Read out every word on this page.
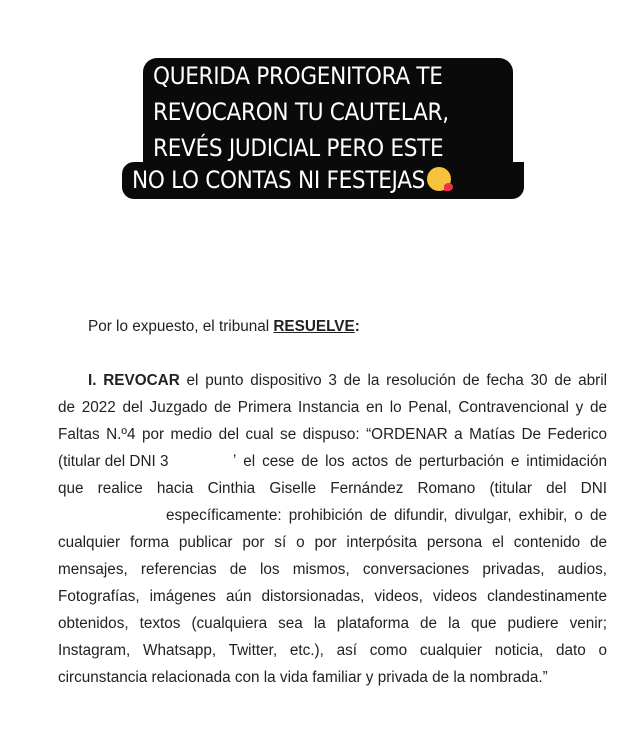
QUERIDA PROGENITORA TE
REVOCARON TU CAUTELAR,
REVÉS JUDICIAL PERO ESTE
NO LO CONTAS NI FESTEJAS
Por lo expuesto, el tribunal RESUELVE:
I. REVOCAR el punto dispositivo 3 de la resolución de fecha 30 de abril
de 2022 del Juzgado de Primera Instancia en lo Penal, Contravencional y de
Faltas N.º4 por medio del cual se dispuso: “ORDENAR a Matías De Federico
(titular del DNI 3	ʼ el cese de los actos de perturbación e intimidación
que realice hacia Cinthia Giselle Fernández Romano (titular del DNI
específicamente: prohibición de difundir, divulgar, exhibir, o de
cualquier forma publicar por sí o por interpósita persona el contenido de
mensajes, referencias de los mismos, conversaciones privadas, audios,
Fotografías, imágenes aún distorsionadas, videos, videos clandestinamente
obtenidos, textos (cualquiera sea la plataforma de la que pudiere venir;
Instagram, Whatsapp, Twitter, etc.), así como cualquier noticia, dato o
circunstancia relacionada con la vida familiar y privada de la nombrada.”
